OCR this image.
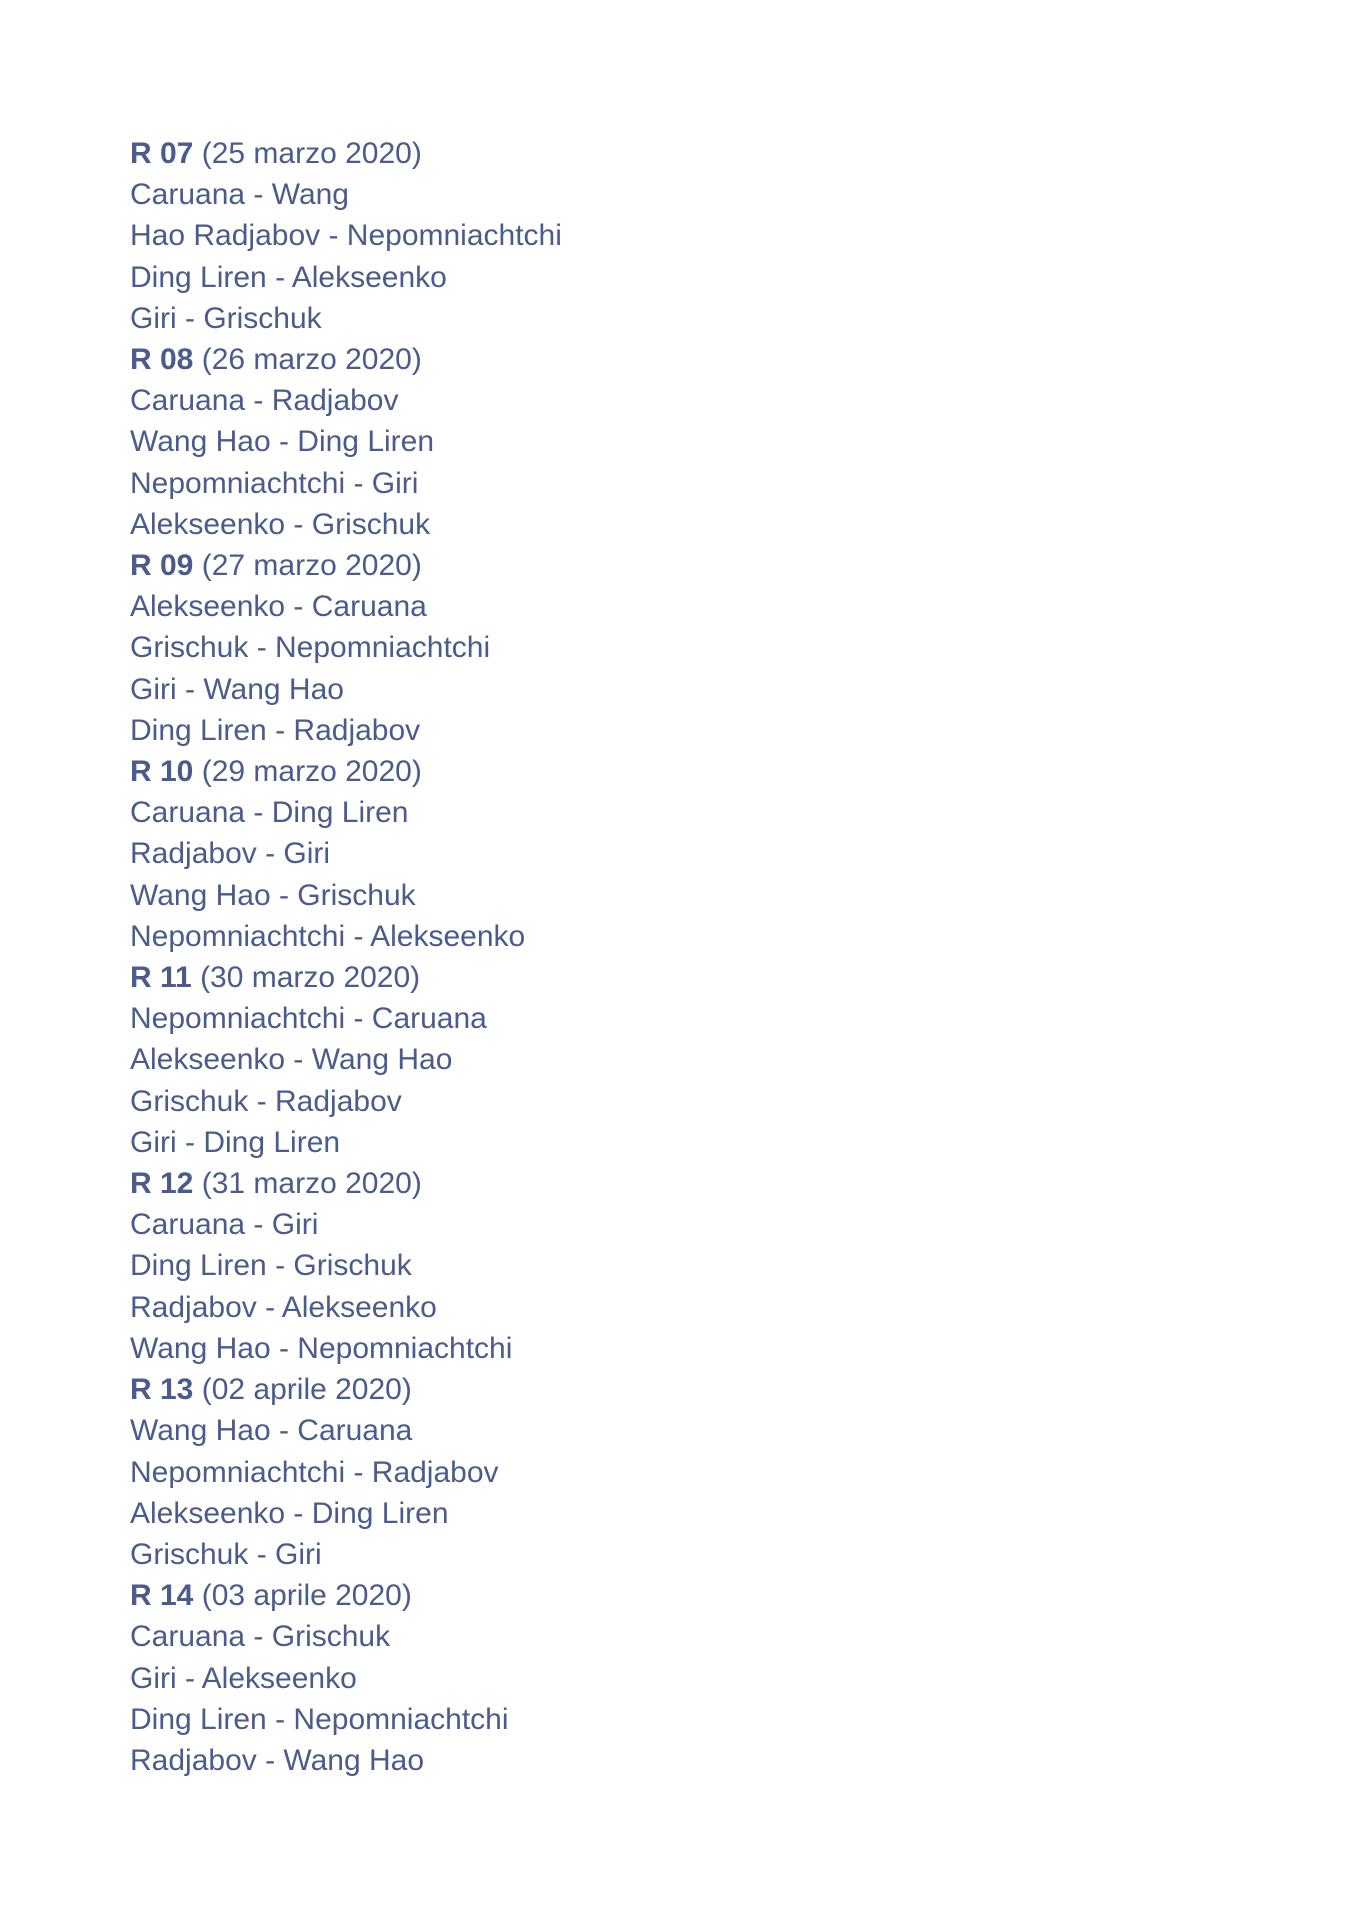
R 07 (25 marzo 2020)

Caruana - Wang

Hao Radjabov - Nepomniachtchi

Ding Liren - Alekseenko

Giri - Grischuk

R 08 (26 marzo 2020)

Caruana - Radjabov

Wang Hao - Ding Liren

Nepomniachtchi - Giri

Alekseenko - Grischuk

R 09 (27 marzo 2020)

Alekseenko - Caruana

Grischuk - Nepomniachtchi

Giri - Wang Hao

Ding Liren - Radjabov

R 10 (29 marzo 2020)

Caruana - Ding Liren

Radjabov - Giri

Wang Hao - Grischuk

Nepomniachtchi - Alekseenko

R 11 (30 marzo 2020)

Nepomniachtchi - Caruana

Alekseenko - Wang Hao

Grischuk - Radjabov

Giri - Ding Liren

R 12 (31 marzo 2020)

Caruana - Giri

Ding Liren - Grischuk

Radjabov - Alekseenko

Wang Hao - Nepomniachtchi

R 13 (02 aprile 2020)

Wang Hao - Caruana

Nepomniachtchi - Radjabov

Alekseenko - Ding Liren

Grischuk - Giri

R 14 (03 aprile 2020)

Caruana - Grischuk

Giri - Alekseenko

Ding Liren - Nepomniachtchi

Radjabov - Wang Hao
